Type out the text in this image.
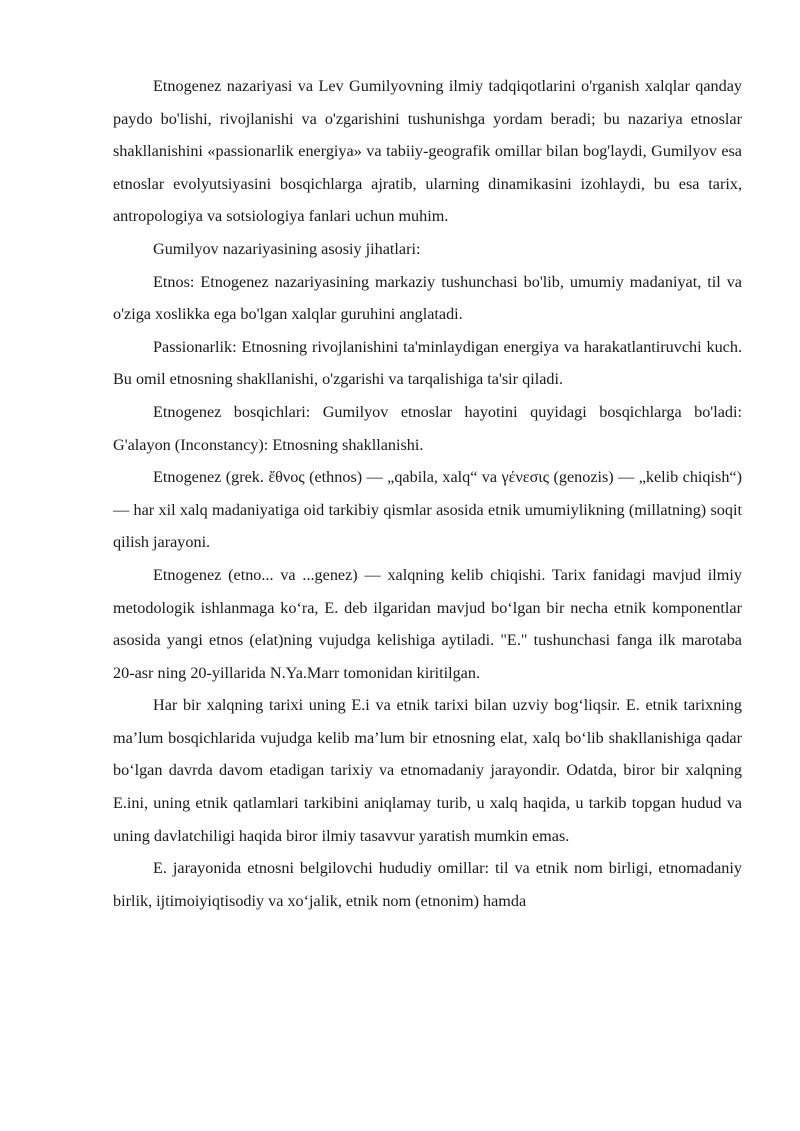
Etnogenez nazariyasi va Lev Gumilyovning ilmiy tadqiqotlarini o'rganish xalqlar qanday paydo bo'lishi, rivojlanishi va o'zgarishini tushunishga yordam beradi; bu nazariya etnoslar shakllanishini «passionarlik energiya» va tabiiy-geografik omillar bilan bog'laydi, Gumilyov esa etnoslar evolyutsiyasini bosqichlarga ajratib, ularning dinamikasini izohlaydi, bu esa tarix, antropologiya va sotsiologiya fanlari uchun muhim.

Gumilyov nazariyasining asosiy jihatlari:

Etnos: Etnogenez nazariyasining markaziy tushunchasi bo'lib, umumiy madaniyat, til va o'ziga xoslikka ega bo'lgan xalqlar guruhini anglatadi.

Passionarlik: Etnosning rivojlanishini ta'minlaydigan energiya va harakatlantiruvchi kuch. Bu omil etnosning shakllanishi, o'zgarishi va tarqalishiga ta'sir qiladi.

Etnogenez bosqichlari: Gumilyov etnoslar hayotini quyidagi bosqichlarga bo'ladi: G'alayon (Inconstancy): Etnosning shakllanishi.

Etnogenez (grek. ἔθνος (ethnos) — „qabila, xalq“ va γένεσις (genozis) — „kelib chiqish“) — har xil xalq madaniyatiga oid tarkibiy qismlar asosida etnik umumiylikning (millatning) soqit qilish jarayoni.

Etnogenez (etno... va ...genez) — xalqning kelib chiqishi. Tarix fanidagi mavjud ilmiy metodologik ishlanmaga ko‘ra, E. deb ilgaridan mavjud bo‘lgan bir necha etnik komponentlar asosida yangi etnos (elat)ning vujudga kelishiga aytiladi. "E." tushunchasi fanga ilk marotaba 20-asr ning 20-yillarida N.Ya.Marr tomonidan kiritilgan.

Har bir xalqning tarixi uning E.i va etnik tarixi bilan uzviy bog‘liqsir. E. etnik tarixning ma’lum bosqichlarida vujudga kelib ma’lum bir etnosning elat, xalq bo‘lib shakllanishiga qadar bo‘lgan davrda davom etadigan tarixiy va etnomadaniy jarayondir. Odatda, biror bir xalqning E.ini, uning etnik qatlamlari tarkibini aniqlamay turib, u xalq haqida, u tarkib topgan hudud va uning davlatchiligi haqida biror ilmiy tasavvur yaratish mumkin emas.

E. jarayonida etnosni belgilovchi hududiy omillar: til va etnik nom birligi, etnomadaniy birlik, ijtimoiyiqtisodiy va xo‘jalik, etnik nom (etnonim) hamda
